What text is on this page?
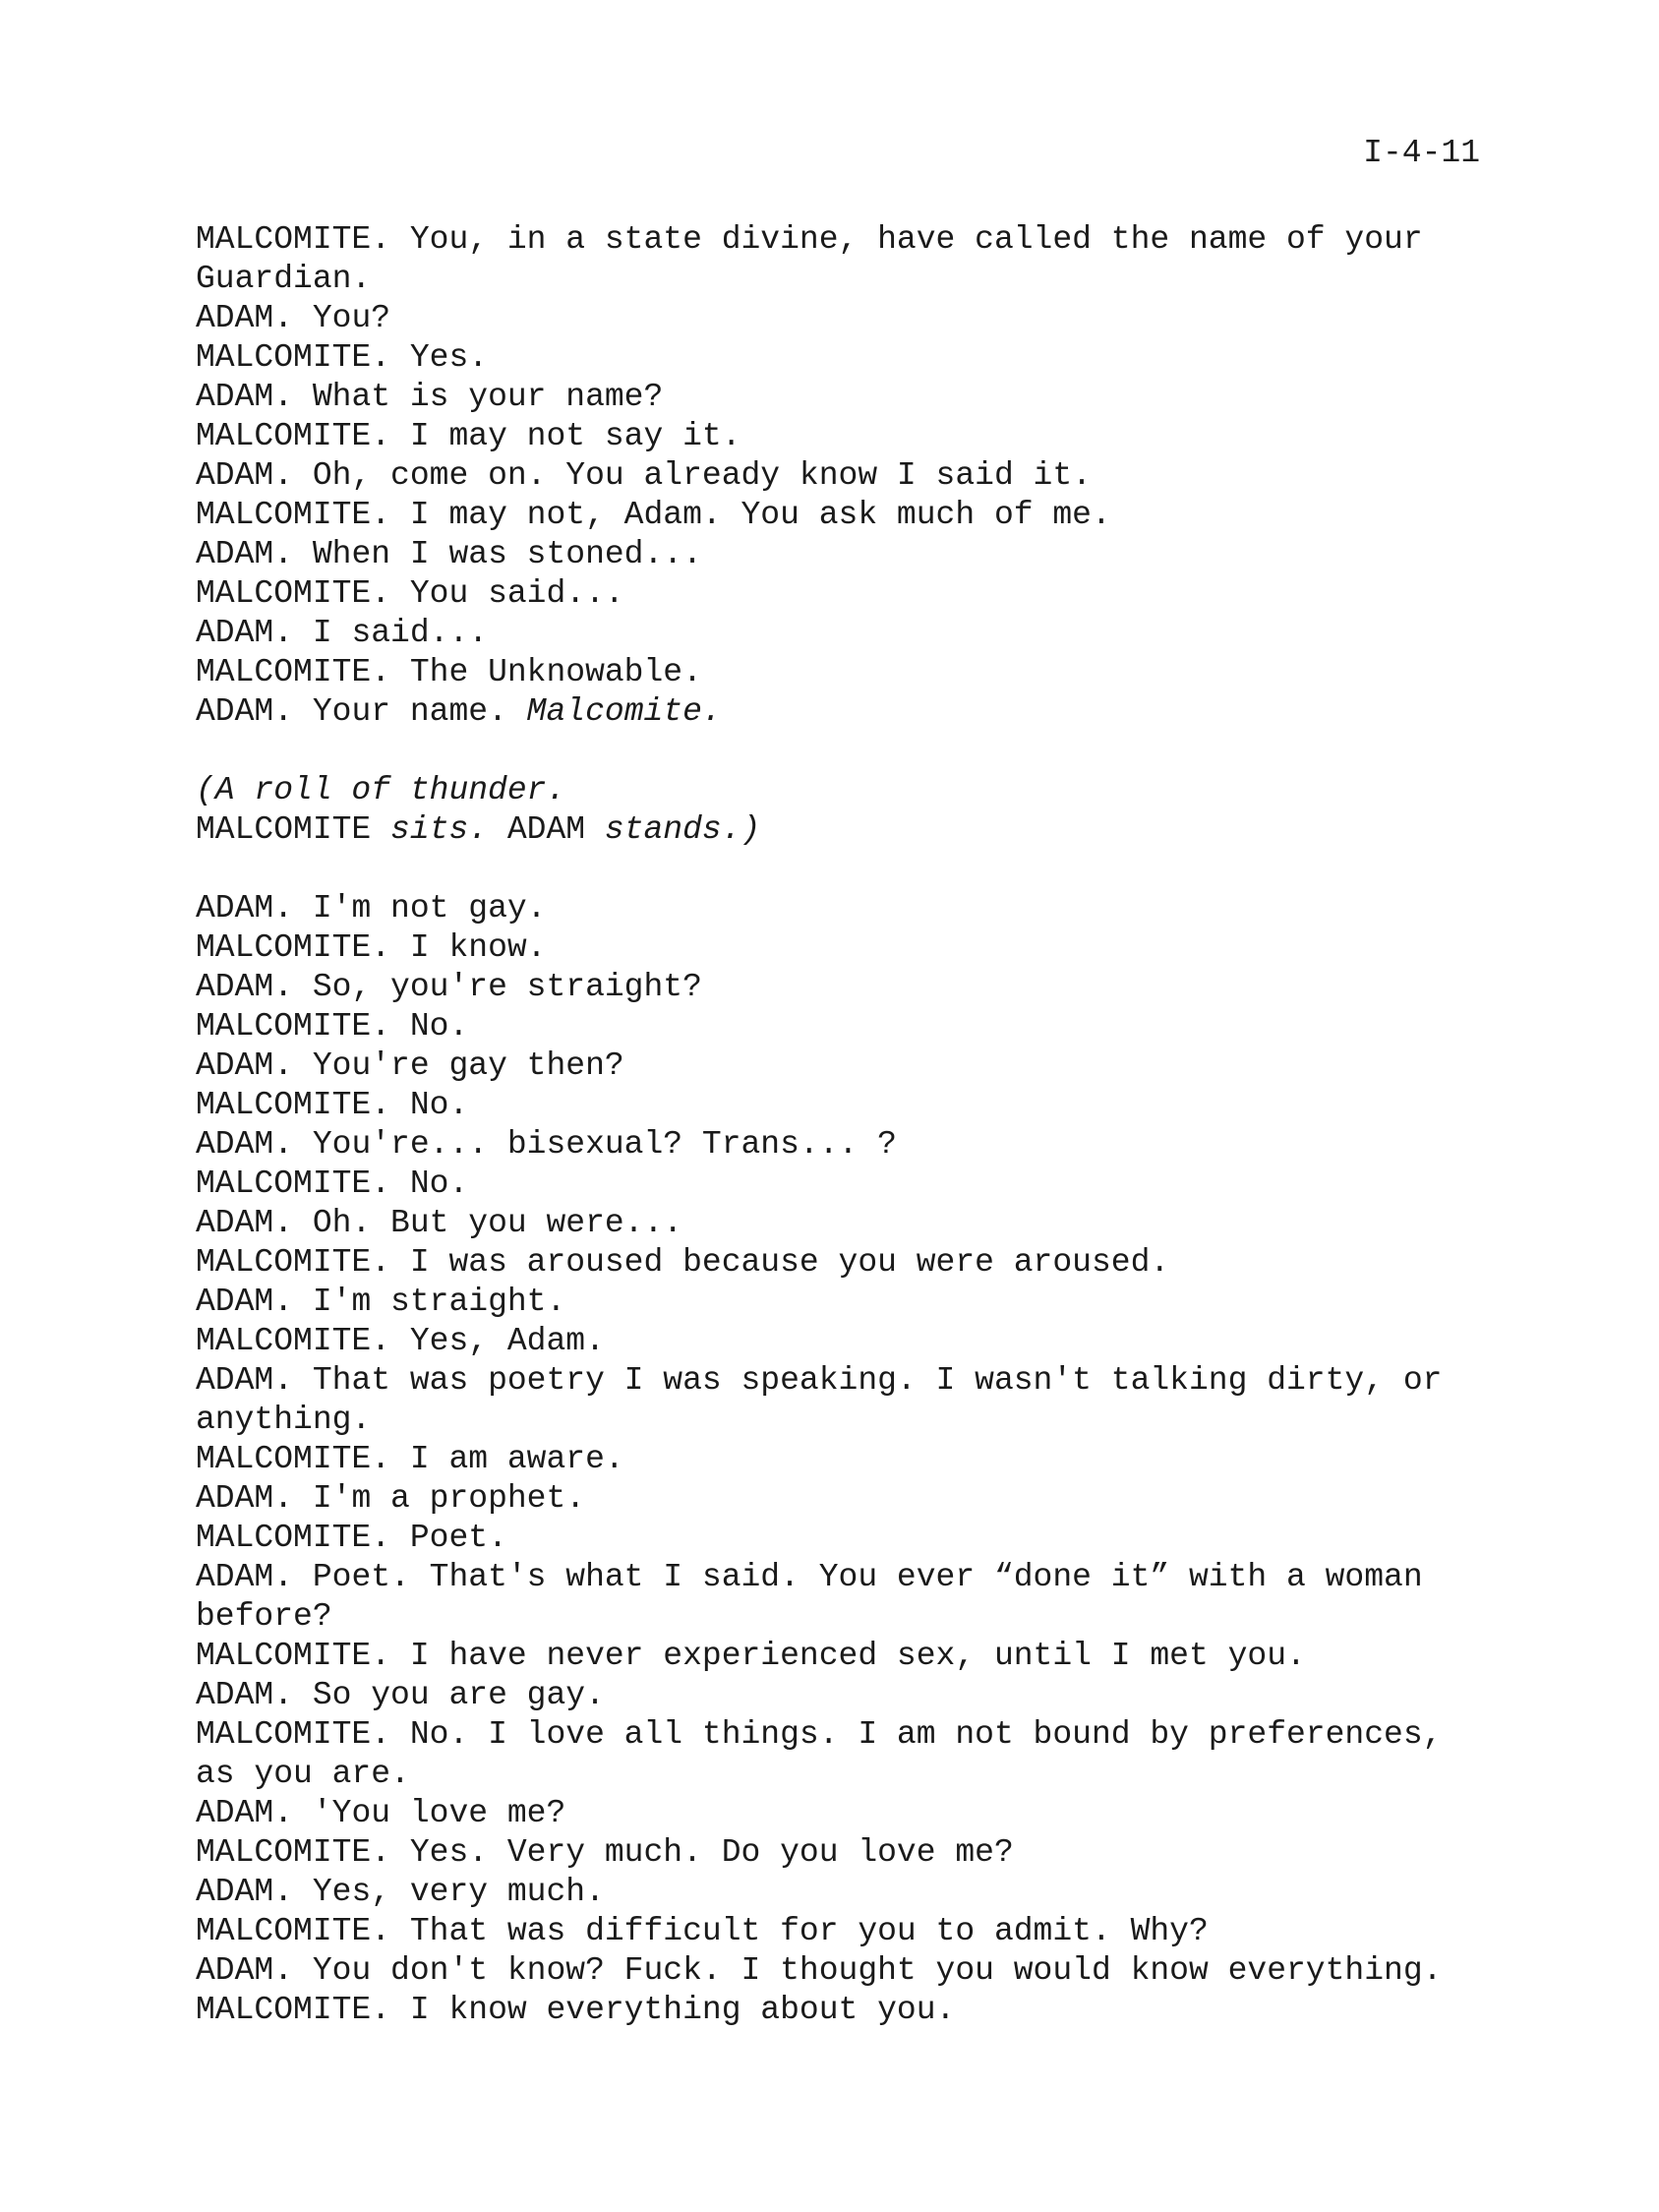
I-4-11
MALCOMITE. You, in a state divine, have called the name of your
Guardian.
ADAM. You?
MALCOMITE. Yes.
ADAM. What is your name?
MALCOMITE. I may not say it.
ADAM. Oh, come on. You already know I said it.
MALCOMITE. I may not, Adam. You ask much of me.
ADAM. When I was stoned...
MALCOMITE. You said...
ADAM. I said...
MALCOMITE. The Unknowable.
ADAM. Your name. Malcomite.
(A roll of thunder.
MALCOMITE sits. ADAM stands.)
ADAM. I'm not gay.
MALCOMITE. I know.
ADAM. So, you're straight?
MALCOMITE. No.
ADAM. You're gay then?
MALCOMITE. No.
ADAM. You're... bisexual? Trans... ?
MALCOMITE. No.
ADAM. Oh. But you were...
MALCOMITE. I was aroused because you were aroused.
ADAM. I'm straight.
MALCOMITE. Yes, Adam.
ADAM. That was poetry I was speaking. I wasn't talking dirty, or
anything.
MALCOMITE. I am aware.
ADAM. I'm a prophet.
MALCOMITE. Poet.
ADAM. Poet. That's what I said. You ever “done it” with a woman
before?
MALCOMITE. I have never experienced sex, until I met you.
ADAM. So you are gay.
MALCOMITE. No. I love all things. I am not bound by preferences,
as you are.
ADAM. 'You love me?
MALCOMITE. Yes. Very much. Do you love me?
ADAM. Yes, very much.
MALCOMITE. That was difficult for you to admit. Why?
ADAM. You don't know? Fuck. I thought you would know everything.
MALCOMITE. I know everything about you.
